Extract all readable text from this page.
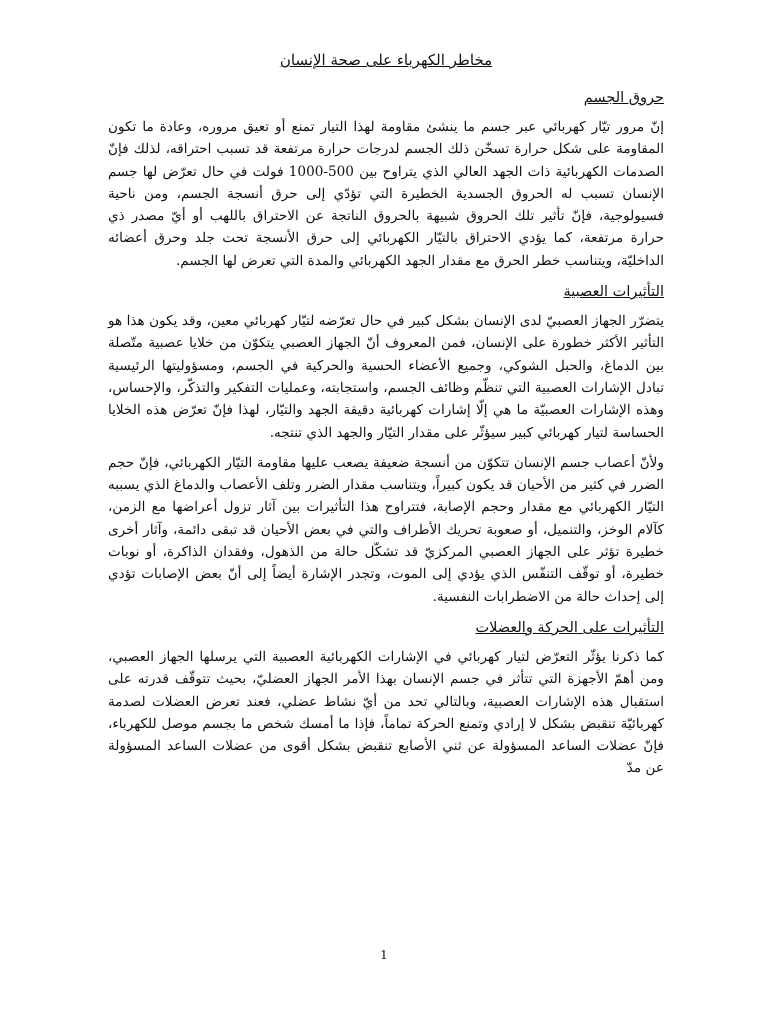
مخاطر الكهرباء على صحة الإنسان
حروق الجسم

إنّ مرور تيّار كهربائي عبر جسم ما ينشئ مقاومة لهذا التيار تمنع أو تعيق مروره، وعادة ما تكون المقاومة على شكل حرارة تسخّن ذلك الجسم لدرجات حرارة مرتفعة قد تسبب احتراقه، لذلك فإنّ الصدمات الكهربائية ذات الجهد العالي الذي يتراوح بين 500-1000 فولت في حال تعرّض لها جسم الإنسان تسبب له الحروق الجسدية الخطيرة التي تؤدّي إلى حرق أنسجة الجسم، ومن ناحية فسيولوجية، فإنّ تأثير تلك الحروق شبيهة بالحروق الناتجة عن الاحتراق باللهب أو أيّ مصدر ذي حرارة مرتفعة، كما يؤدي الاحتراق بالتيّار الكهربائي إلى حرق الأنسجة تحت جلد وحرق أعضائه الداخليّة، ويتناسب خطر الحرق مع مقدار الجهد الكهربائي والمدة التي تعرض لها الجسم.

التأثيرات العصبية

يتضرّر الجهاز العصبيّ لدى الإنسان بشكل كبير في حال تعرّضه لتيّار كهربائي معين، وقد يكون هذا هو التأثير الأكثر خطورة على الإنسان، فمن المعروف أنّ الجهاز العصبي يتكوّن من خلايا عصبية متّصلة بين الدماغ، والحبل الشوكي، وجميع الأعضاء الحسية والحركية في الجسم، ومسؤوليتها الرئيسية تبادل الإشارات العصبية التي تنظّم وظائف الجسم، واستجابته، وعمليات التفكير والتذكّر، والإحساس، وهذه الإشارات العصبيّة ما هي إلّا إشارات كهربائية دقيقة الجهد والتيّار، لهذا فإنّ تعرّض هذه الخلايا الحساسة لتيار كهربائي كبير سيؤثّر على مقدار التيّار والجهد الذي تنتجه.

ولأنّ أعصاب جسم الإنسان تتكوّن من أنسجة ضعيفة يصعب عليها مقاومة التيّار الكهربائي، فإنّ حجم الضرر في كثير من الأحيان قد يكون كبيراً، ويتناسب مقدار الضرر وتلف الأعصاب والدماغ الذي يسببه التيّار الكهربائي مع مقدار وحجم الإصابة، فتتراوح هذا التأثيرات بين آثار تزول أعراضها مع الزمن، كآلام الوخز، والتنميل، أو صعوبة تحريك الأطراف والتي في بعض الأحيان قد تبقى دائمة، وآثار أخرى خطيرة تؤثر على الجهاز العصبي المركزيّ قد تشكّل حالة من الذهول، وفقدان الذاكرة، أو نوبات خطيرة، أو توقّف التنفّس الذي يؤدي إلى الموت، وتجدر الإشارة أيضاً إلى أنّ بعض الإصابات تؤدي إلى إحداث حالة من الاضطرابات النفسية.

التأثيرات على الحركة والعضلات

كما ذكرنا يؤثّر التعرّض لتيار كهربائي في الإشارات الكهربائية العصبية التي يرسلها الجهاز العصبي، ومن أهمّ الأجهزة التي تتأثر في جسم الإنسان بهذا الأمر الجهاز العضليّ، بحيث تتوقّف قدرته على استقبال هذه الإشارات العصبية، وبالتالي تحد من أيّ نشاط عضلي، فعند تعرض العضلات لصدمة كهربائيّة تنقبض بشكل لا إرادي وتمنع الحركة تماماً، فإذا ما أمسك شخص ما بجسم موصل للكهرباء، فإنّ عضلات الساعد المسؤولة عن ثني الأصابع تنقبض بشكل أقوى من عضلات الساعد المسؤولة عن مدّ

1
